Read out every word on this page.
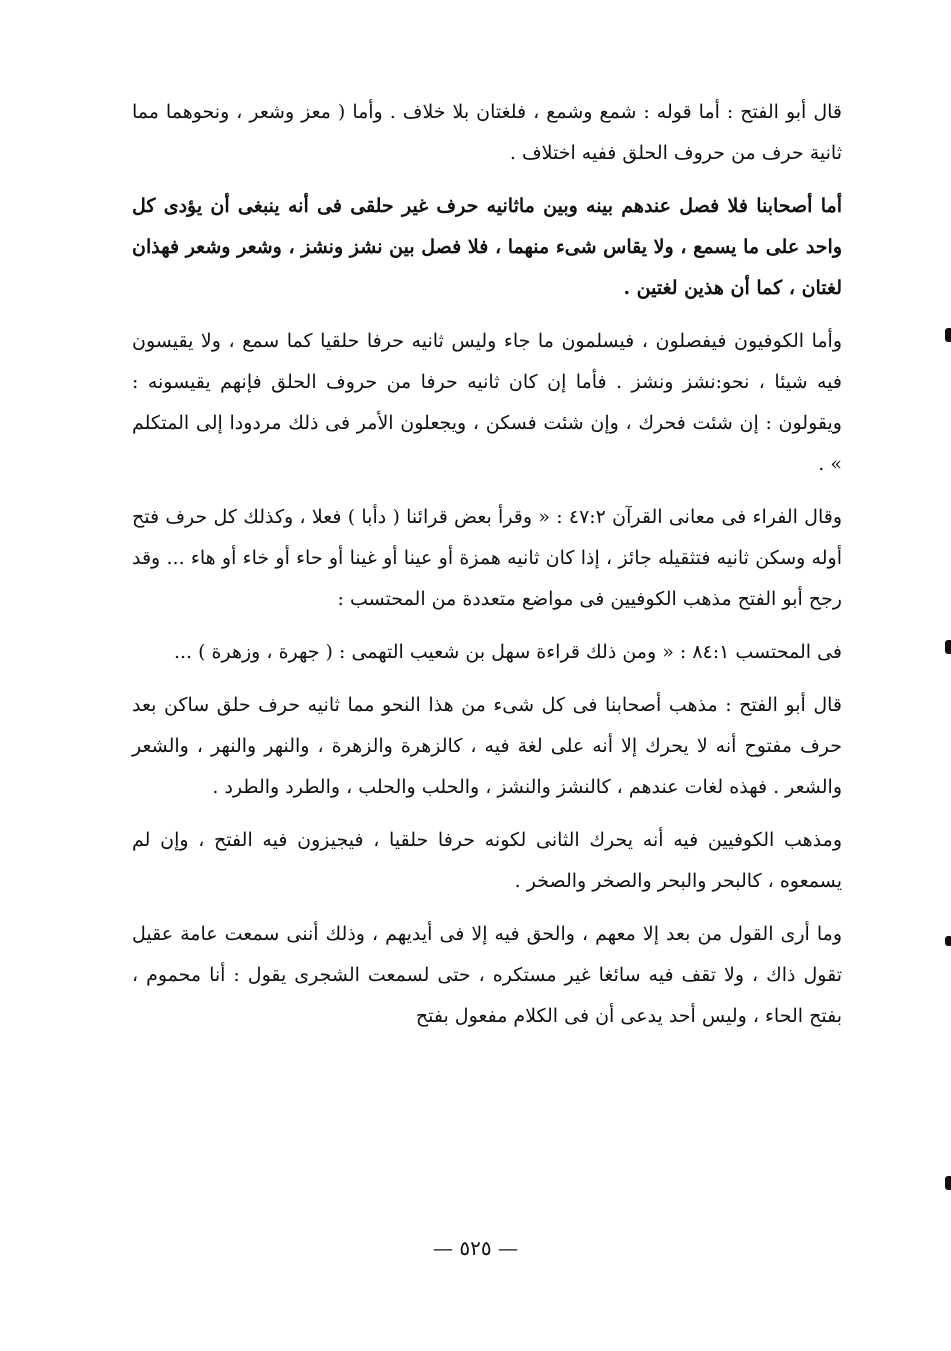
قال أبو الفتح : أما قوله : شمع وشمع ، فلغتان بلا خلاف . وأما ( معز وشعر ، ونحوهما مما ثانية حرف من حروف الحلق ففيه اختلاف .

أما أصحابنا فلا فصل عندهم بينه وبين ماثانيه حرف غير حلقى فى أنه ينبغى أن يؤدى كل واحد على ما يسمع ، ولا يقاس شىء منهما ، فلا فصل بين نشز ونشز ، وشعر وشعر فهذان لغتان ، كما أن هذين لغتين .

وأما الكوفيون فيفصلون ، فيسلمون ما جاء وليس ثانيه حرفا حلقيا كما سمع ، ولا يقيسون فيه شيئا ، نحو:نشز ونشز . فأما إن كان ثانيه حرفا من حروف الحلق فإنهم يقيسونه : ويقولون : إن شئت فحرك ، وإن شئت فسكن ، ويجعلون الأمر فى ذلك مردودا إلى المتكلم » .

وقال الفراء فى معانى القرآن ٤٧:٢ : « وقرأ بعض قرائنا ( دأبا ) فعلا ، وكذلك كل حرف فتح أوله وسكن ثانيه فتثقيله جائز ، إذا كان ثانيه همزة أو عينا أو غينا أو حاء أو خاء أو هاء ... وقد رجح أبو الفتح مذهب الكوفيين فى مواضع متعددة من المحتسب :

فى المحتسب ٨٤:١ : « ومن ذلك قراءة سهل بن شعيب التهمى : ( جهرة ، وزهرة ) ...

قال أبو الفتح : مذهب أصحابنا فى كل شىء من هذا النحو مما ثانيه حرف حلق ساكن بعد حرف مفتوح أنه لا يحرك إلا أنه على لغة فيه ، كالزهرة والزهرة ، والنهر والنهر ، والشعر والشعر . فهذه لغات عندهم ، كالنشز والنشز ، والحلب والحلب ، والطرد والطرد .

ومذهب الكوفيين فيه أنه يحرك الثانى لكونه حرفا حلقيا ، فيجيزون فيه الفتح ، وإن لم يسمعوه ، كالبحر والبحر والصخر والصخر .

وما أرى القول من بعد إلا معهم ، والحق فيه إلا فى أيديهم ، وذلك أننى سمعت عامة عقيل تقول ذاك ، ولا تقف فيه سائغا غير مستكره ، حتى لسمعت الشجرى يقول : أنا محموم ، بفتح الحاء ، وليس أحد يدعى أن فى الكلام مفعول بفتح

— ٥٢٥ —
